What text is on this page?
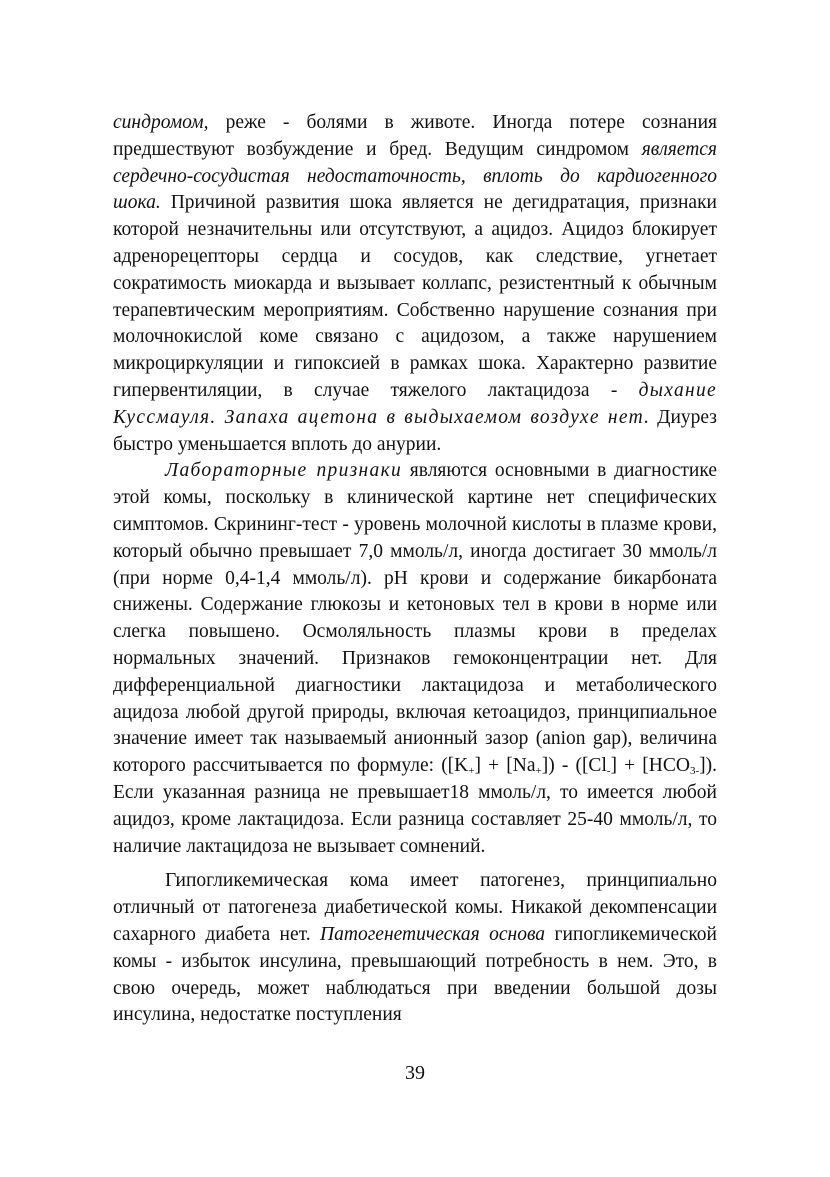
синдромом, реже - болями в животе. Иногда потере сознания предшествуют возбуждение и бред. Ведущим синдромом является сердечно-сосудистая недостаточность, вплоть до кардиогенного шока. Причиной развития шока является не дегидратация, признаки которой незначительны или отсутствуют, а ацидоз. Ацидоз блокирует адренорецепторы сердца и сосудов, как следствие, угнетает сократимость миокарда и вызывает коллапс, резистентный к обычным терапевтическим мероприятиям. Собственно нарушение сознания при молочнокислой коме связано с ацидозом, а также нарушением микроциркуляции и гипоксией в рамках шока. Характерно развитие гипервентиляции, в случае тяжелого лактацидоза - дыхание Куссмауля. Запаха ацетона в выдыхаемом воздухе нет. Диурез быстро уменьшается вплоть до анурии.

Лабораторные признаки являются основными в диагностике этой комы, поскольку в клинической картине нет специфических симптомов. Скрининг-тест - уровень молочной кислоты в плазме крови, который обычно превышает 7,0 ммоль/л, иногда достигает 30 ммоль/л (при норме 0,4-1,4 ммоль/л). pH крови и содержание бикарбоната снижены. Содержание глюкозы и кетоновых тел в крови в норме или слегка повышено. Осмоляльность плазмы крови в пределах нормальных значений. Признаков гемоконцентрации нет. Для дифференциальной диагностики лактацидоза и метаболического ацидоза любой другой природы, включая кетоацидоз, принципиальное значение имеет так называемый анионный зазор (anion gap), величина которого рассчитывается по формуле: $([K_+] + [Na_+]) - ([Cl_-] + [HCO_{3-}])$. Если указанная разница не превышает18 ммоль/л, то имеется любой ацидоз, кроме лактацидоза. Если разница составляет 25-40 ммоль/л, то наличие лактацидоза не вызывает сомнений.

Гипогликемическая кома имеет патогенез, принципиально отличный от патогенеза диабетической комы. Никакой декомпенсации сахарного диабета нет. Патогенетическая основа гипогликемической комы - избыток инсулина, превышающий потребность в нем. Это, в свою очередь, может наблюдаться при введении большой дозы инсулина, недостатке поступления

39
